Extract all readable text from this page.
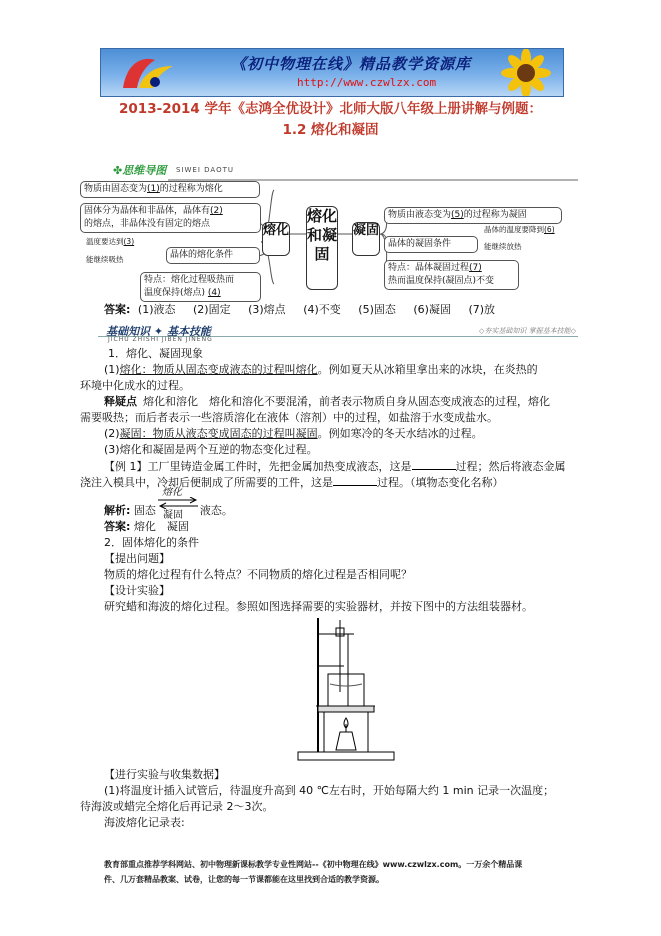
《初中物理在线》精品教学资源库
http://www.czwlzx.com
2013-2014 学年《志鸿全优设计》北师大版八年级上册讲解与例题：
1.2 熔化和凝固
✤思维导图 SIWEI DAOTU
物质由固态变为(1)的过程称为熔化
固体分为晶体和非晶体，晶体有(2)
的熔点，非晶体没有固定的熔点
温度要达到(3)
晶体的熔化条件
能继续吸热
特点：熔化过程吸热而
温度保持(熔点) (4)
熔化
熔化和凝固
凝固
物质由液态变为(5)的过程称为凝固
晶体的温度要降到(6)
晶体的凝固条件	能继续放热
特点：晶体凝固过程(7)
热而温度保持(凝固点)不变
答案: (1)液态 (2)固定 (3)熔点 (4)不变 (5)固态 (6)凝固 (7)放
基础知识 ✦ 基本技能
JICHU ZHISHI JIBEN JINENG
◇夯实基础知识 掌握基本技能◇
1．熔化、凝固现象
(1)熔化：物质从固态变成液态的过程叫熔化。例如夏天从冰箱里拿出来的冰块，在炎热的
环境中化成水的过程。
释疑点 熔化和溶化　熔化和溶化不要混淆，前者表示物质自身从固态变成液态的过程，熔化
需要吸热；而后者表示一些溶质溶化在液体（溶剂）中的过程，如盐溶于水变成盐水。
(2)凝固：物质从液态变成固态的过程叫凝固。例如寒冷的冬天水结冰的过程。
(3)熔化和凝固是两个互逆的物态变化过程。
【例 1】工厂里铸造金属工件时，先把金属加热变成液态，这是	过程；然后将液态金属
浇注入模具中，冷却后便制成了所需要的工件，这是	过程。（填物态变化名称）
熔化
凝固
解析: 固态	液态。
答案: 熔化　凝固
2．固体熔化的条件
【提出问题】
物质的熔化过程有什么特点？不同物质的熔化过程是否相同呢？
【设计实验】
研究蜡和海波的熔化过程。参照如图选择需要的实验器材，并按下图中的方法组装器材。
【进行实验与收集数据】
(1)将温度计插入试管后，待温度升高到 40 ℃左右时，开始每隔大约 1 min 记录一次温度；
待海波或蜡完全熔化后再记录 2～3次。
海波熔化记录表:
教育部重点推荐学科网站、初中物理新课标教学专业性网站--《初中物理在线》www.czwlzx.com。一万余个精品课
件、几万套精品教案、试卷，让您的每一节课都能在这里找到合适的教学资源。
